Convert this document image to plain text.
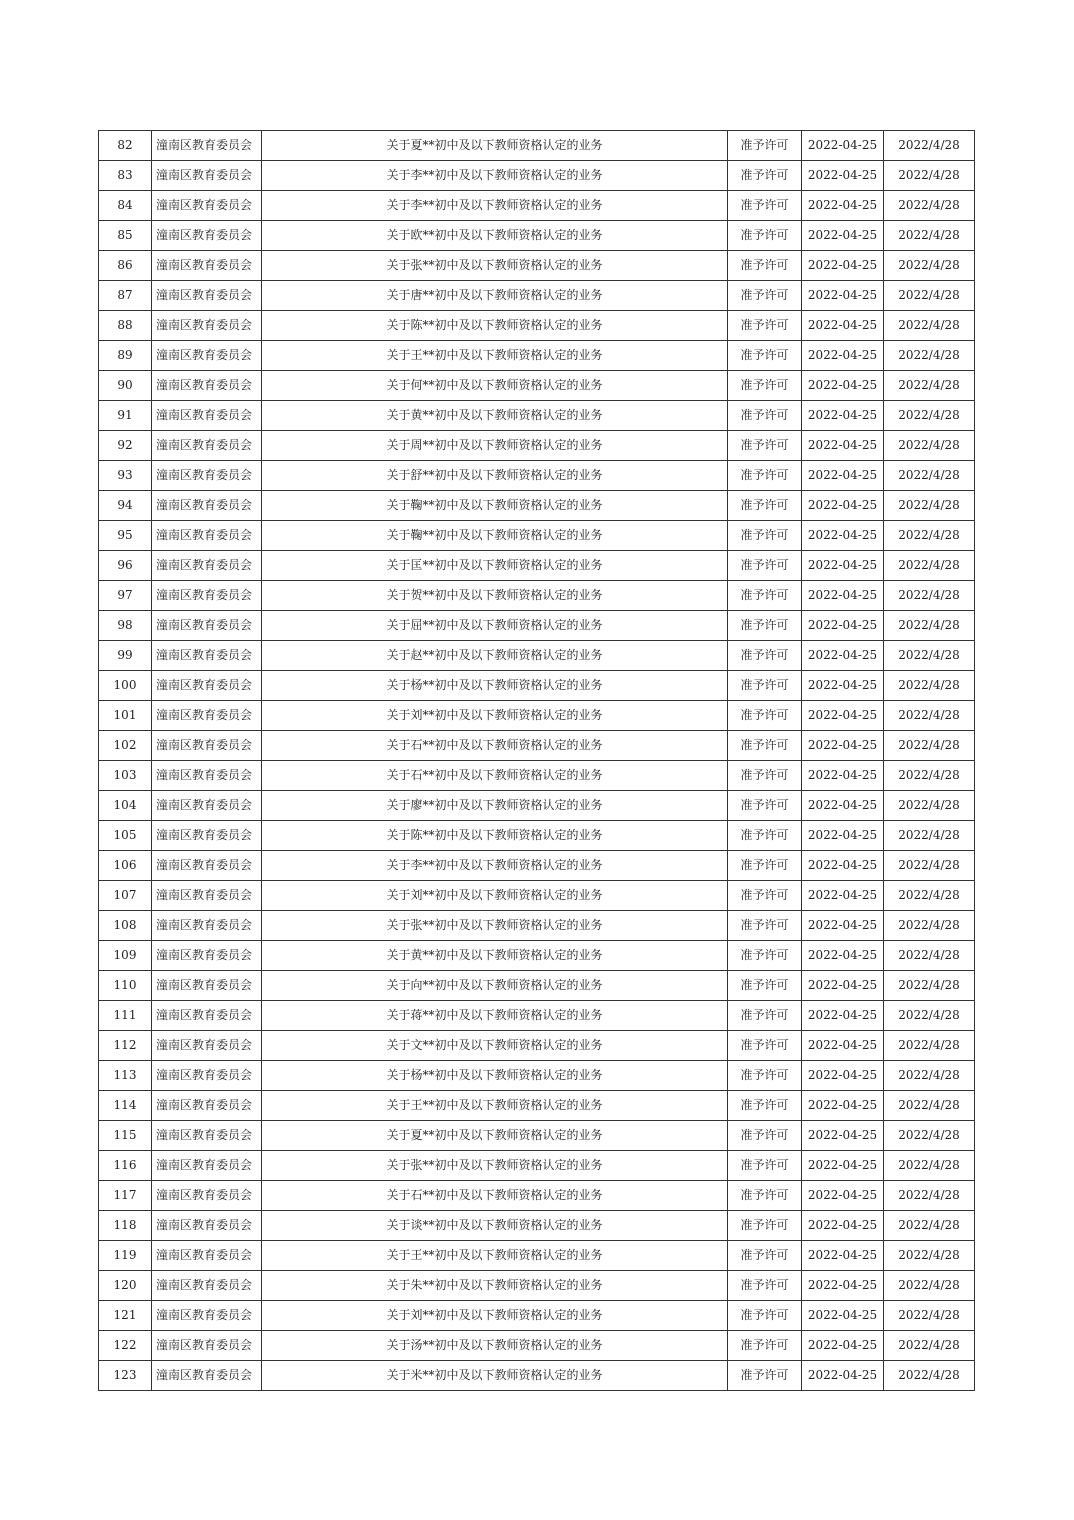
82	潼南区教育委员会	关于夏**初中及以下教师资格认定的业务	准予许可	2022-04-25	2022/4/28
83	潼南区教育委员会	关于李**初中及以下教师资格认定的业务	准予许可	2022-04-25	2022/4/28
84	潼南区教育委员会	关于李**初中及以下教师资格认定的业务	准予许可	2022-04-25	2022/4/28
85	潼南区教育委员会	关于欧**初中及以下教师资格认定的业务	准予许可	2022-04-25	2022/4/28
86	潼南区教育委员会	关于张**初中及以下教师资格认定的业务	准予许可	2022-04-25	2022/4/28
87	潼南区教育委员会	关于唐**初中及以下教师资格认定的业务	准予许可	2022-04-25	2022/4/28
88	潼南区教育委员会	关于陈**初中及以下教师资格认定的业务	准予许可	2022-04-25	2022/4/28
89	潼南区教育委员会	关于王**初中及以下教师资格认定的业务	准予许可	2022-04-25	2022/4/28
90	潼南区教育委员会	关于何**初中及以下教师资格认定的业务	准予许可	2022-04-25	2022/4/28
91	潼南区教育委员会	关于黄**初中及以下教师资格认定的业务	准予许可	2022-04-25	2022/4/28
92	潼南区教育委员会	关于周**初中及以下教师资格认定的业务	准予许可	2022-04-25	2022/4/28
93	潼南区教育委员会	关于舒**初中及以下教师资格认定的业务	准予许可	2022-04-25	2022/4/28
94	潼南区教育委员会	关于鞠**初中及以下教师资格认定的业务	准予许可	2022-04-25	2022/4/28
95	潼南区教育委员会	关于鞠**初中及以下教师资格认定的业务	准予许可	2022-04-25	2022/4/28
96	潼南区教育委员会	关于匡**初中及以下教师资格认定的业务	准予许可	2022-04-25	2022/4/28
97	潼南区教育委员会	关于贺**初中及以下教师资格认定的业务	准予许可	2022-04-25	2022/4/28
98	潼南区教育委员会	关于屈**初中及以下教师资格认定的业务	准予许可	2022-04-25	2022/4/28
99	潼南区教育委员会	关于赵**初中及以下教师资格认定的业务	准予许可	2022-04-25	2022/4/28
100	潼南区教育委员会	关于杨**初中及以下教师资格认定的业务	准予许可	2022-04-25	2022/4/28
101	潼南区教育委员会	关于刘**初中及以下教师资格认定的业务	准予许可	2022-04-25	2022/4/28
102	潼南区教育委员会	关于石**初中及以下教师资格认定的业务	准予许可	2022-04-25	2022/4/28
103	潼南区教育委员会	关于石**初中及以下教师资格认定的业务	准予许可	2022-04-25	2022/4/28
104	潼南区教育委员会	关于廖**初中及以下教师资格认定的业务	准予许可	2022-04-25	2022/4/28
105	潼南区教育委员会	关于陈**初中及以下教师资格认定的业务	准予许可	2022-04-25	2022/4/28
106	潼南区教育委员会	关于李**初中及以下教师资格认定的业务	准予许可	2022-04-25	2022/4/28
107	潼南区教育委员会	关于刘**初中及以下教师资格认定的业务	准予许可	2022-04-25	2022/4/28
108	潼南区教育委员会	关于张**初中及以下教师资格认定的业务	准予许可	2022-04-25	2022/4/28
109	潼南区教育委员会	关于黄**初中及以下教师资格认定的业务	准予许可	2022-04-25	2022/4/28
110	潼南区教育委员会	关于向**初中及以下教师资格认定的业务	准予许可	2022-04-25	2022/4/28
111	潼南区教育委员会	关于蒋**初中及以下教师资格认定的业务	准予许可	2022-04-25	2022/4/28
112	潼南区教育委员会	关于文**初中及以下教师资格认定的业务	准予许可	2022-04-25	2022/4/28
113	潼南区教育委员会	关于杨**初中及以下教师资格认定的业务	准予许可	2022-04-25	2022/4/28
114	潼南区教育委员会	关于王**初中及以下教师资格认定的业务	准予许可	2022-04-25	2022/4/28
115	潼南区教育委员会	关于夏**初中及以下教师资格认定的业务	准予许可	2022-04-25	2022/4/28
116	潼南区教育委员会	关于张**初中及以下教师资格认定的业务	准予许可	2022-04-25	2022/4/28
117	潼南区教育委员会	关于石**初中及以下教师资格认定的业务	准予许可	2022-04-25	2022/4/28
118	潼南区教育委员会	关于谈**初中及以下教师资格认定的业务	准予许可	2022-04-25	2022/4/28
119	潼南区教育委员会	关于王**初中及以下教师资格认定的业务	准予许可	2022-04-25	2022/4/28
120	潼南区教育委员会	关于朱**初中及以下教师资格认定的业务	准予许可	2022-04-25	2022/4/28
121	潼南区教育委员会	关于刘**初中及以下教师资格认定的业务	准予许可	2022-04-25	2022/4/28
122	潼南区教育委员会	关于汤**初中及以下教师资格认定的业务	准予许可	2022-04-25	2022/4/28
123	潼南区教育委员会	关于米**初中及以下教师资格认定的业务	准予许可	2022-04-25	2022/4/28
